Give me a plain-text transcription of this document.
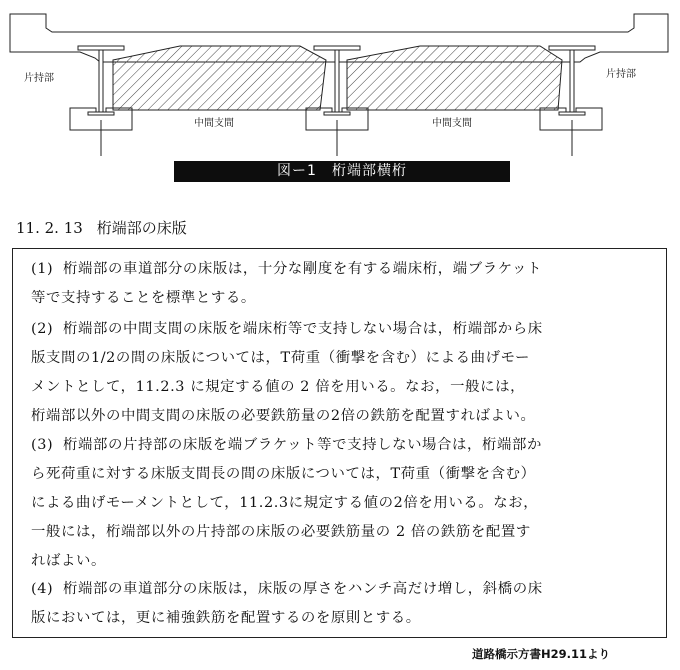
片持部	片持部
中間支間	中間支間
図ー1　桁端部横桁
11. 2. 13 桁端部の床版
(1) 桁端部の車道部分の床版は，十分な剛度を有する端床桁，端ブラケット
等で支持することを標準とする。
(2) 桁端部の中間支間の床版を端床桁等で支持しない場合は，桁端部から床
版支間の1/2の間の床版については，T荷重（衝撃を含む）による曲げモー
メントとして，11.2.3 に規定する値の 2 倍を用いる。なお，一般には，
桁端部以外の中間支間の床版の必要鉄筋量の2倍の鉄筋を配置すればよい。
(3) 桁端部の片持部の床版を端ブラケット等で支持しない場合は，桁端部か
ら死荷重に対する床版支間長の間の床版については，T荷重（衝撃を含む）
による曲げモーメントとして，11.2.3に規定する値の2倍を用いる。なお，
一般には，桁端部以外の片持部の床版の必要鉄筋量の 2 倍の鉄筋を配置す
ればよい。
(4) 桁端部の車道部分の床版は，床版の厚さをハンチ高だけ増し，斜橋の床
版においては，更に補強鉄筋を配置するのを原則とする。
道路橋示方書H29.11より
